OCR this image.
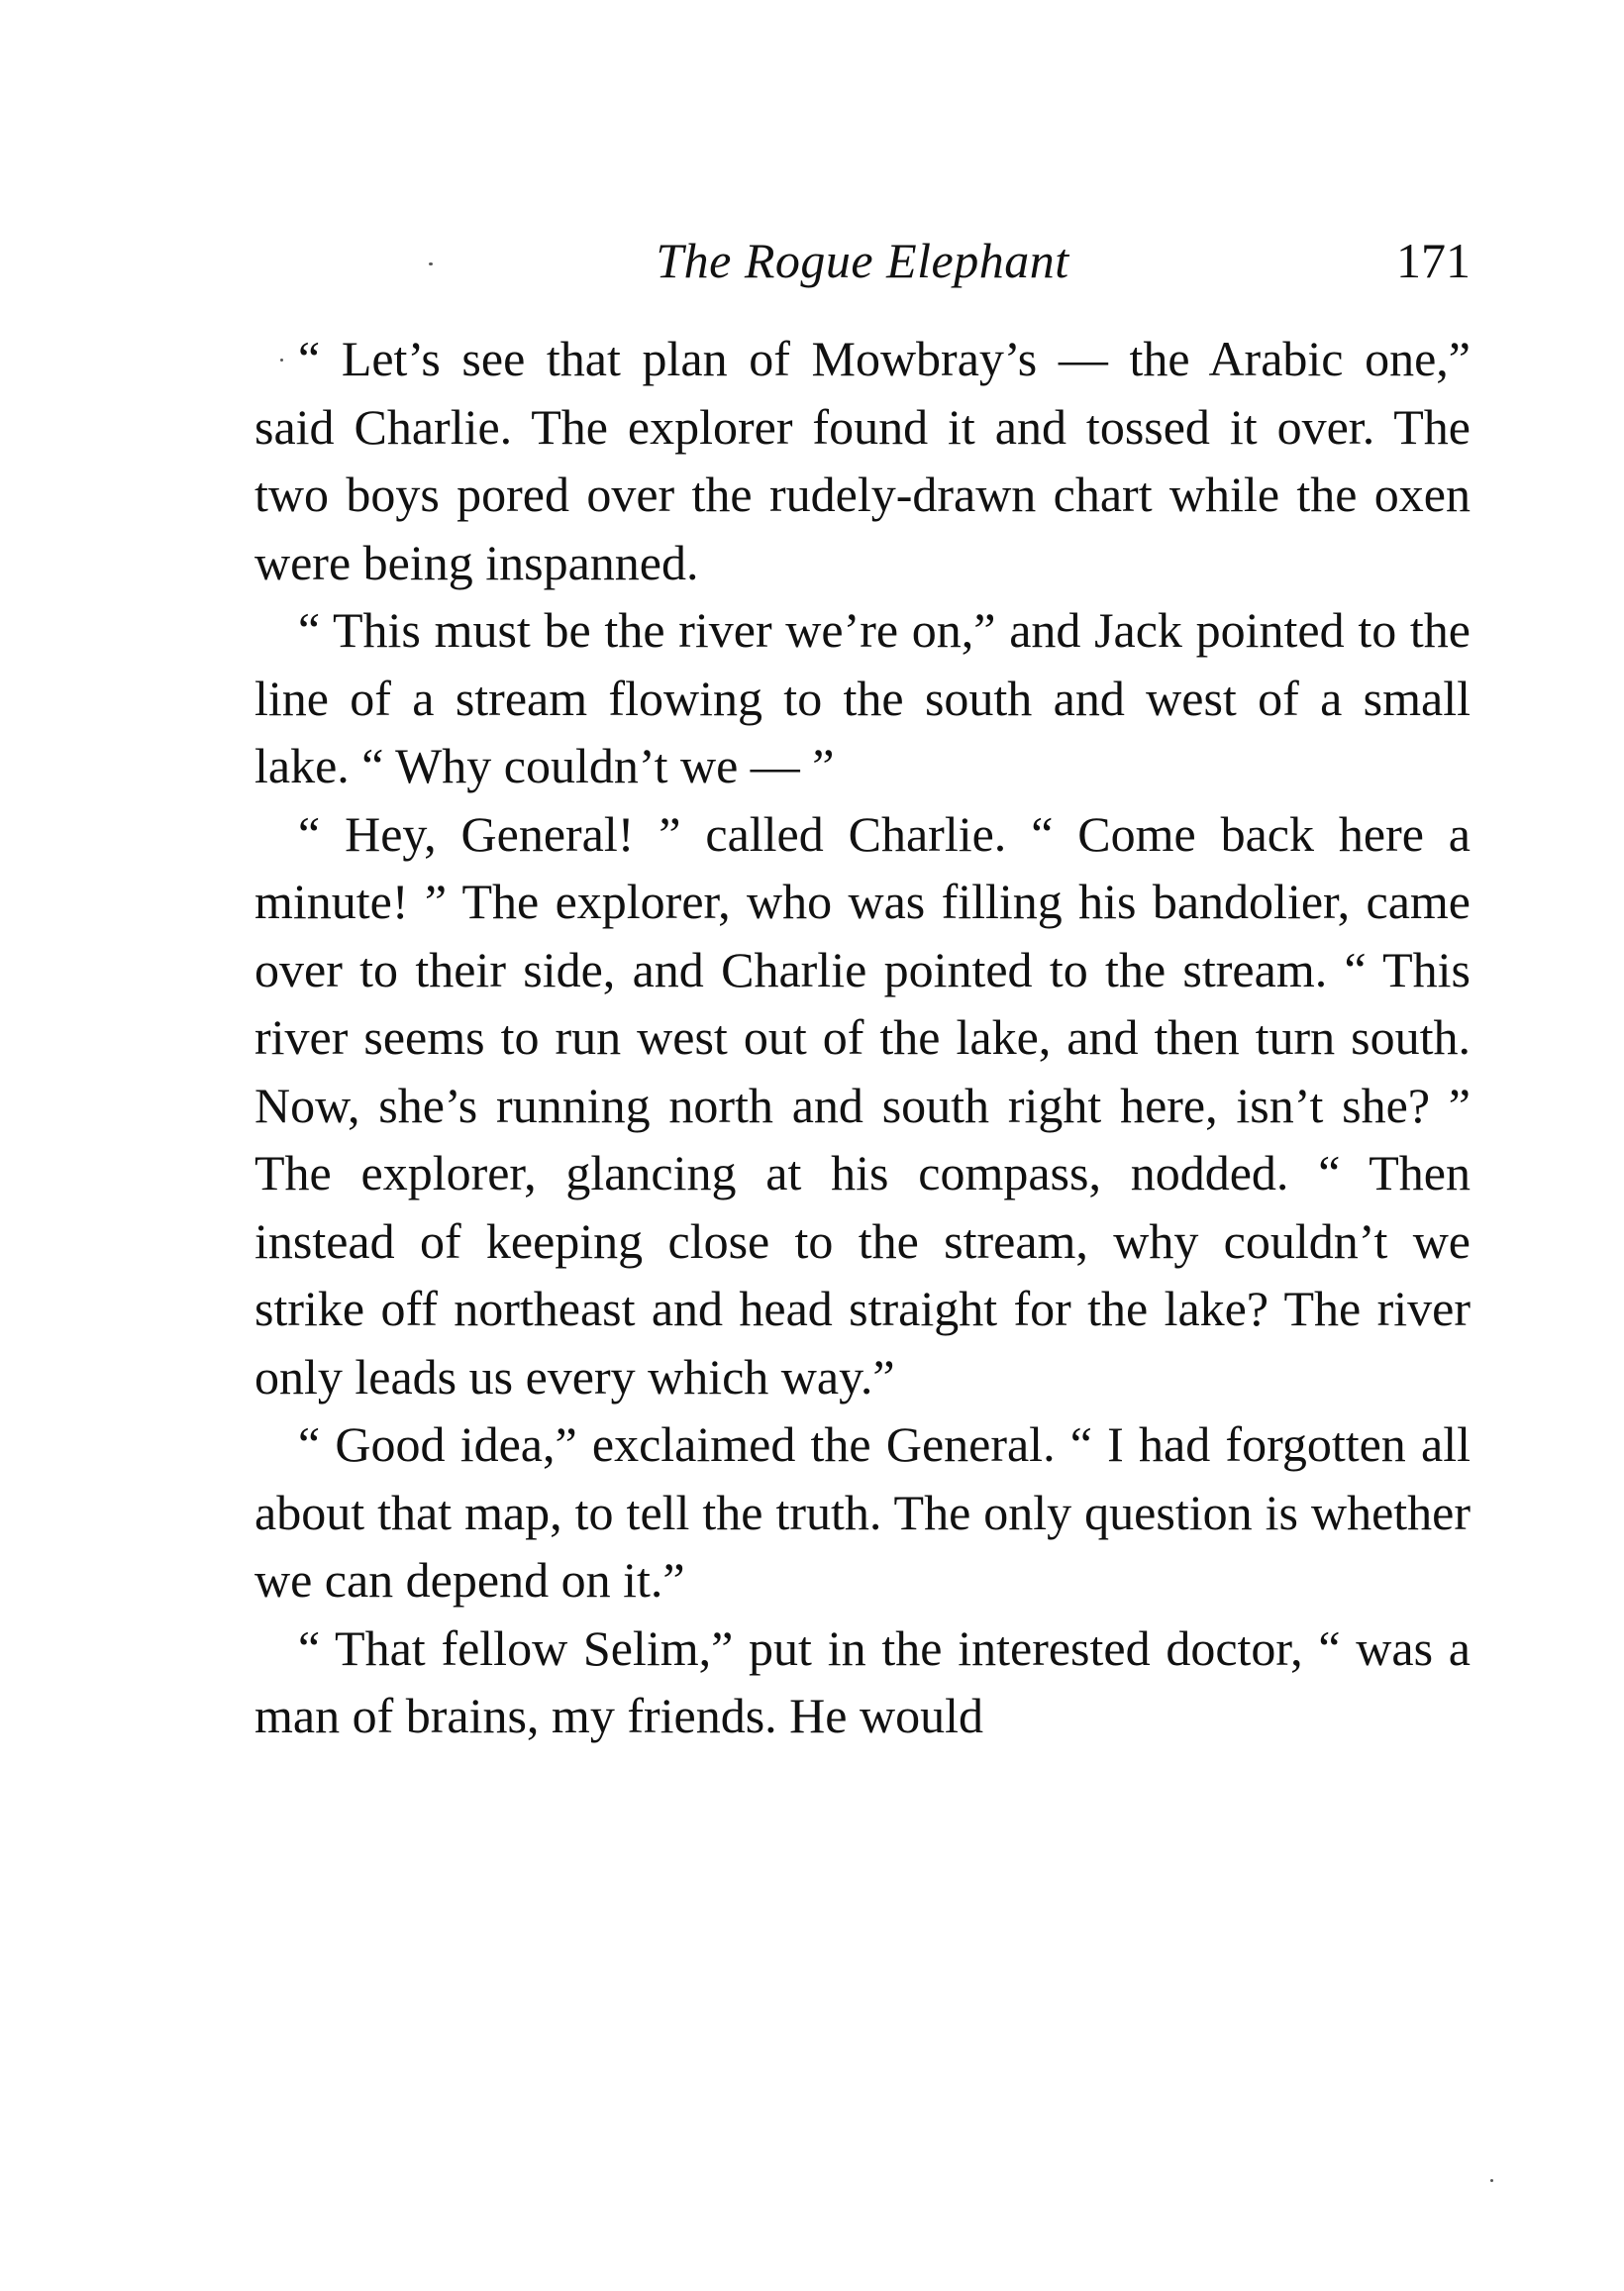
The Rogue Elephant	171

“ Let’s see that plan of Mowbray’s — the Arabic one,” said Charlie. The explorer found it and tossed it over. The two boys pored over the rudely-drawn chart while the oxen were being inspanned.

“ This must be the river we’re on,” and Jack pointed to the line of a stream flowing to the south and west of a small lake. “ Why couldn’t we — ”

“ Hey, General! ” called Charlie. “ Come back here a minute! ” The explorer, who was filling his bandolier, came over to their side, and Charlie pointed to the stream. “ This river seems to run west out of the lake, and then turn south. Now, she’s running north and south right here, isn’t she? ” The explorer, glancing at his compass, nodded. “ Then instead of keeping close to the stream, why couldn’t we strike off northeast and head straight for the lake? The river only leads us every which way.”

“ Good idea,” exclaimed the General. “ I had forgotten all about that map, to tell the truth. The only question is whether we can depend on it.”

“ That fellow Selim,” put in the interested doctor, “ was a man of brains, my friends. He would
